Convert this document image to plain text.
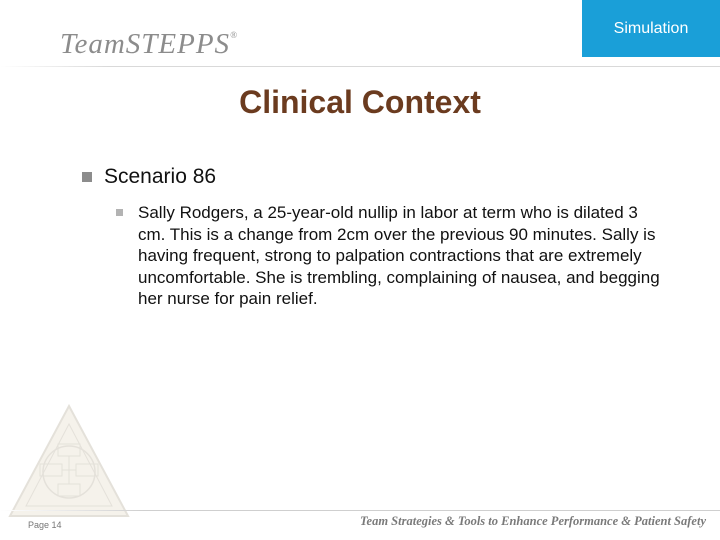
TeamSTEPPS®	Simulation
Clinical Context
Scenario 86
Sally Rodgers, a 25-year-old nullip in labor at term who is dilated 3 cm. This is a change from 2cm over the previous 90 minutes. Sally is having frequent, strong to palpation contractions that are extremely uncomfortable. She is trembling, complaining of nausea, and begging her nurse for pain relief.
Page 14	Team Strategies & Tools to Enhance Performance & Patient Safety
